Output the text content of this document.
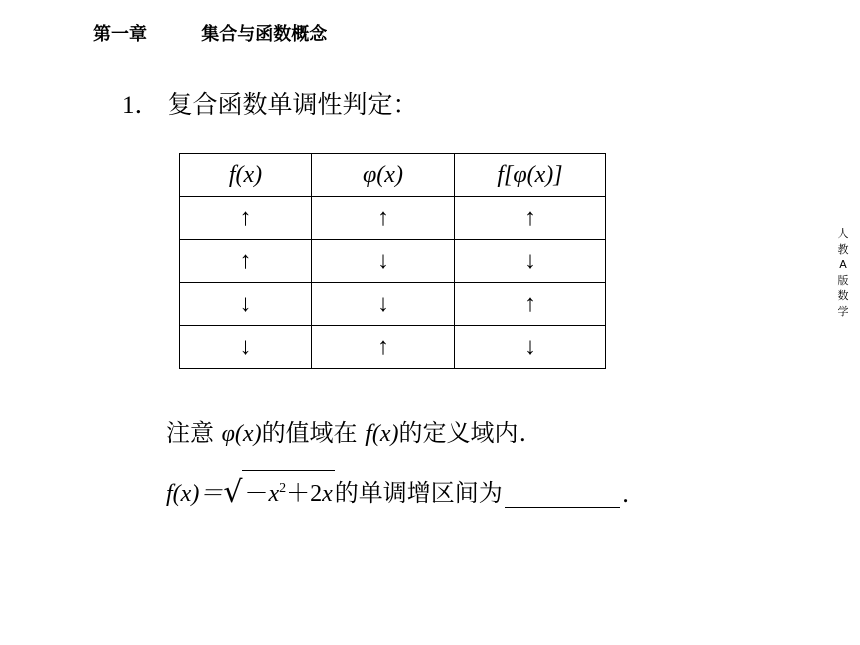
第一章	集合与函数概念
1． 复合函数单调性判定：
f(x)	φ(x)	f[φ(x)]
↑	↑	↑
↑	↓	↓
↓	↓	↑
↓	↑	↓
人
教
A
版
数
学
注意 φ(x)的值域在 f(x)的定义域内.
f(x)＝ √ $-x^2+2x$ 的单调增区间为	.
